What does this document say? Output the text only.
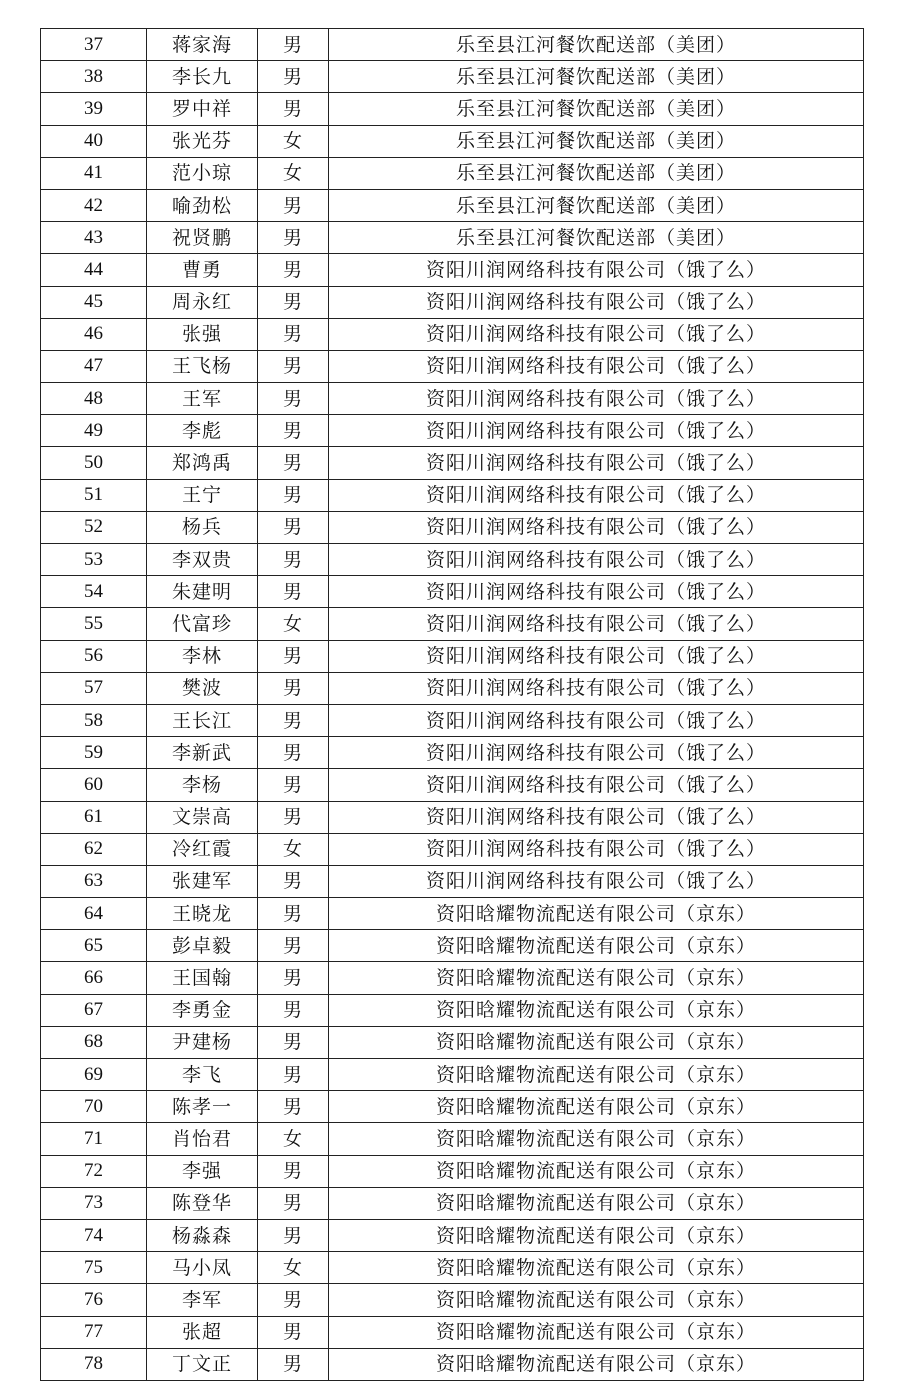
37	蒋家海	男	乐至县江河餐饮配送部（美团）
38	李长九	男	乐至县江河餐饮配送部（美团）
39	罗中祥	男	乐至县江河餐饮配送部（美团）
40	张光芬	女	乐至县江河餐饮配送部（美团）
41	范小琼	女	乐至县江河餐饮配送部（美团）
42	喻劲松	男	乐至县江河餐饮配送部（美团）
43	祝贤鹏	男	乐至县江河餐饮配送部（美团）
44	曹勇	男	资阳川润网络科技有限公司（饿了么）
45	周永红	男	资阳川润网络科技有限公司（饿了么）
46	张强	男	资阳川润网络科技有限公司（饿了么）
47	王飞杨	男	资阳川润网络科技有限公司（饿了么）
48	王军	男	资阳川润网络科技有限公司（饿了么）
49	李彪	男	资阳川润网络科技有限公司（饿了么）
50	郑鸿禹	男	资阳川润网络科技有限公司（饿了么）
51	王宁	男	资阳川润网络科技有限公司（饿了么）
52	杨兵	男	资阳川润网络科技有限公司（饿了么）
53	李双贵	男	资阳川润网络科技有限公司（饿了么）
54	朱建明	男	资阳川润网络科技有限公司（饿了么）
55	代富珍	女	资阳川润网络科技有限公司（饿了么）
56	李林	男	资阳川润网络科技有限公司（饿了么）
57	樊波	男	资阳川润网络科技有限公司（饿了么）
58	王长江	男	资阳川润网络科技有限公司（饿了么）
59	李新武	男	资阳川润网络科技有限公司（饿了么）
60	李杨	男	资阳川润网络科技有限公司（饿了么）
61	文崇高	男	资阳川润网络科技有限公司（饿了么）
62	冷红霞	女	资阳川润网络科技有限公司（饿了么）
63	张建军	男	资阳川润网络科技有限公司（饿了么）
64	王晓龙	男	资阳晗耀物流配送有限公司（京东）
65	彭卓毅	男	资阳晗耀物流配送有限公司（京东）
66	王国翰	男	资阳晗耀物流配送有限公司（京东）
67	李勇金	男	资阳晗耀物流配送有限公司（京东）
68	尹建杨	男	资阳晗耀物流配送有限公司（京东）
69	李飞	男	资阳晗耀物流配送有限公司（京东）
70	陈孝一	男	资阳晗耀物流配送有限公司（京东）
71	肖怡君	女	资阳晗耀物流配送有限公司（京东）
72	李强	男	资阳晗耀物流配送有限公司（京东）
73	陈登华	男	资阳晗耀物流配送有限公司（京东）
74	杨淼森	男	资阳晗耀物流配送有限公司（京东）
75	马小凤	女	资阳晗耀物流配送有限公司（京东）
76	李军	男	资阳晗耀物流配送有限公司（京东）
77	张超	男	资阳晗耀物流配送有限公司（京东）
78	丁文正	男	资阳晗耀物流配送有限公司（京东）
